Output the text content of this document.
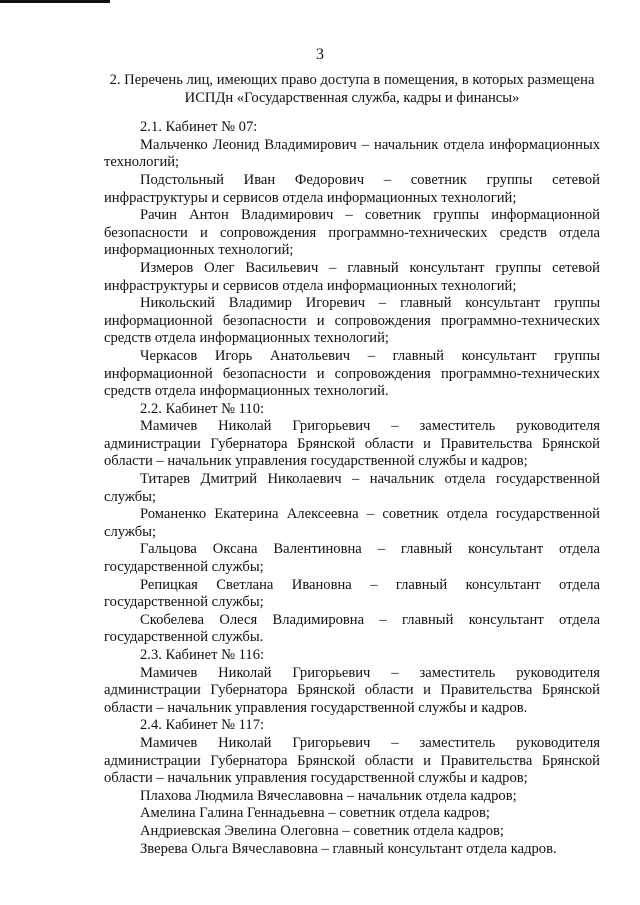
3
2. Перечень лиц, имеющих право доступа в помещения, в которых размещена
ИСПДн «Государственная служба, кадры и финансы»

2.1. Кабинет № 07:

Мальченко Леонид Владимирович – начальник отдела информационных технологий;

Подстольный Иван Федорович – советник группы сетевой инфраструктуры и сервисов отдела информационных технологий;

Рачин Антон Владимирович – советник группы информационной безопасности и сопровождения программно-технических средств отдела информационных технологий;

Измеров Олег Васильевич – главный консультант группы сетевой инфраструктуры и сервисов отдела информационных технологий;

Никольский Владимир Игоревич – главный консультант группы информационной безопасности и сопровождения программно-технических средств отдела информационных технологий;

Черкасов Игорь Анатольевич – главный консультант группы информационной безопасности и сопровождения программно-технических средств отдела информационных технологий.

2.2. Кабинет № 110:

Мамичев Николай Григорьевич – заместитель руководителя администрации Губернатора Брянской области и Правительства Брянской области – начальник управления государственной службы и кадров;

Титарев Дмитрий Николаевич – начальник отдела государственной службы;

Романенко Екатерина Алексеевна – советник отдела государственной службы;

Гальцова Оксана Валентиновна – главный консультант отдела государственной службы;

Репицкая Светлана Ивановна – главный консультант отдела государственной службы;

Скобелева Олеся Владимировна – главный консультант отдела государственной службы.

2.3. Кабинет № 116:

Мамичев Николай Григорьевич – заместитель руководителя администрации Губернатора Брянской области и Правительства Брянской области – начальник управления государственной службы и кадров.

2.4. Кабинет № 117:

Мамичев Николай Григорьевич – заместитель руководителя администрации Губернатора Брянской области и Правительства Брянской области – начальник управления государственной службы и кадров;

Плахова Людмила Вячеславовна – начальник отдела кадров;

Амелина Галина Геннадьевна – советник отдела кадров;

Андриевская Эвелина Олеговна – советник отдела кадров;

Зверева Ольга Вячеславовна – главный консультант отдела кадров.
